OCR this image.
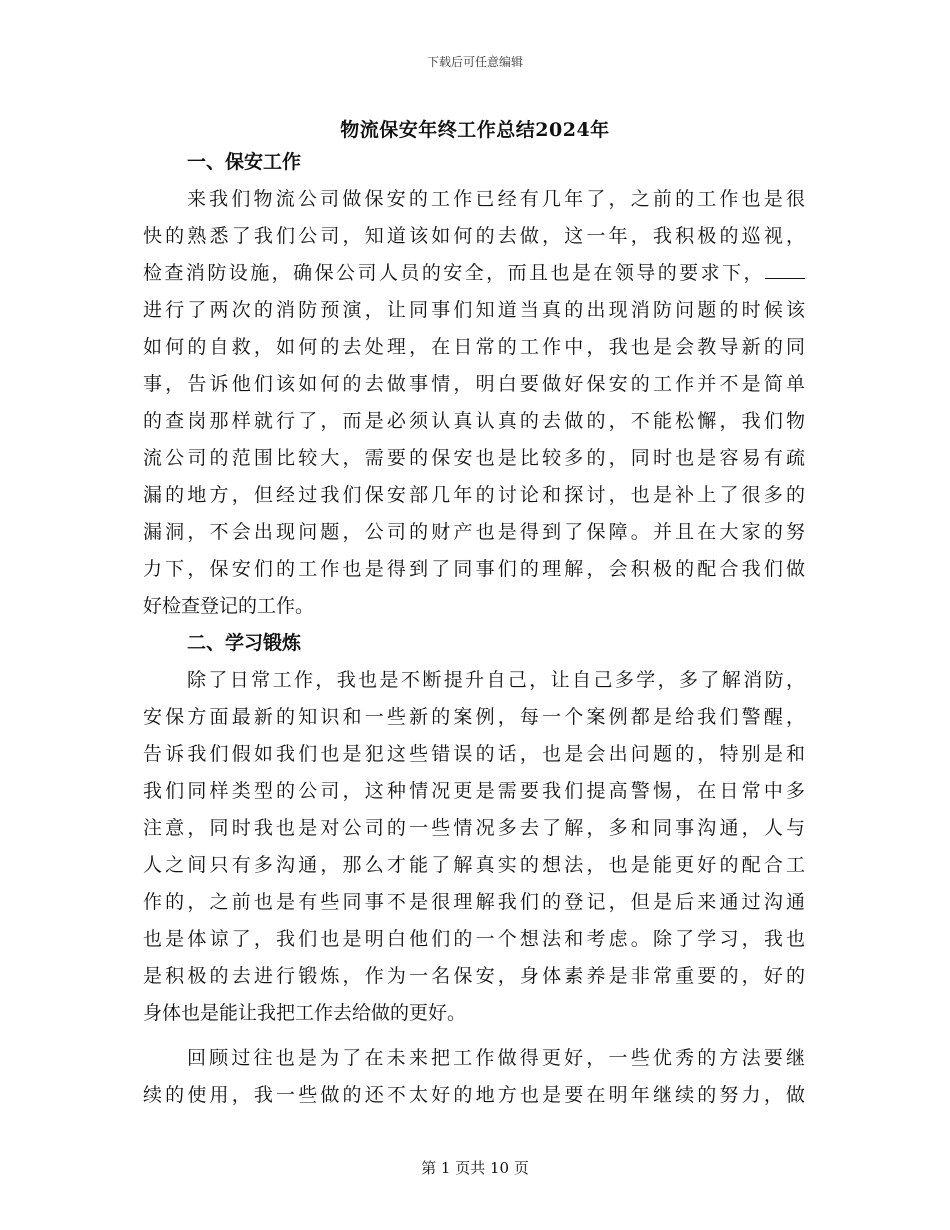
下载后可任意编辑
物流保安年终工作总结2024年
一、保安工作
来我们物流公司做保安的工作已经有几年了，之前的工作也是很
快的熟悉了我们公司，知道该如何的去做，这一年，我积极的巡视，
检查消防设施，确保公司人员的安全，而且也是在领导的要求下，
进行了两次的消防预演，让同事们知道当真的出现消防问题的时候该
如何的自救，如何的去处理，在日常的工作中，我也是会教导新的同
事，告诉他们该如何的去做事情，明白要做好保安的工作并不是简单
的查岗那样就行了，而是必须认真认真的去做的，不能松懈，我们物
流公司的范围比较大，需要的保安也是比较多的，同时也是容易有疏
漏的地方，但经过我们保安部几年的讨论和探讨，也是补上了很多的
漏洞，不会出现问题，公司的财产也是得到了保障。并且在大家的努
力下，保安们的工作也是得到了同事们的理解，会积极的配合我们做
好检查登记的工作。
二、学习锻炼
除了日常工作，我也是不断提升自己，让自己多学，多了解消防，
安保方面最新的知识和一些新的案例，每一个案例都是给我们警醒，
告诉我们假如我们也是犯这些错误的话，也是会出问题的，特别是和
我们同样类型的公司，这种情况更是需要我们提高警惕，在日常中多
注意，同时我也是对公司的一些情况多去了解，多和同事沟通，人与
人之间只有多沟通，那么才能了解真实的想法，也是能更好的配合工
作的，之前也是有些同事不是很理解我们的登记，但是后来通过沟通
也是体谅了，我们也是明白他们的一个想法和考虑。除了学习，我也
是积极的去进行锻炼，作为一名保安，身体素养是非常重要的，好的
身体也是能让我把工作去给做的更好。
回顾过往也是为了在未来把工作做得更好，一些优秀的方法要继
续的使用，我一些做的还不太好的地方也是要在明年继续的努力，做
第 1 页共 10 页
